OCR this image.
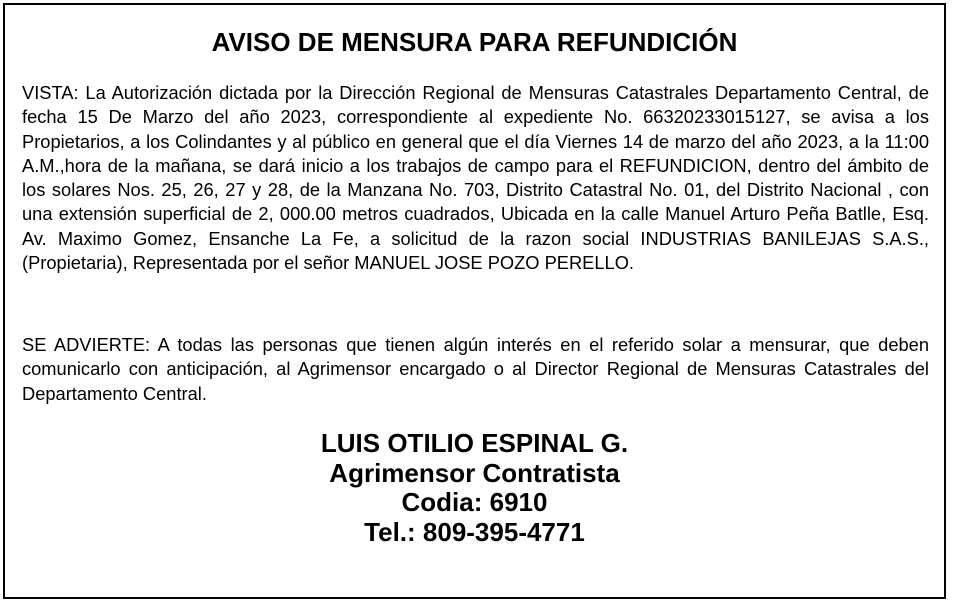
AVISO DE MENSURA PARA REFUNDICIÓN

VISTA: La Autorización dictada por la Dirección Regional de Mensuras Catastrales Departamento Central, de fecha 15 De Marzo del año 2023, correspondiente al expediente No. 66320233015127, se avisa a los Propietarios, a los Colindantes y al público en general que el día Viernes 14 de marzo del año 2023, a la 11:00 A.M.,hora de la mañana, se dará inicio a los trabajos de campo para el REFUNDICION, dentro del ámbito de los solares Nos. 25, 26, 27 y 28, de la Manzana No. 703, Distrito Catastral No. 01, del Distrito Nacional , con una extensión superficial de 2, 000.00 metros cuadrados, Ubicada en la calle Manuel Arturo Peña Batlle, Esq. Av. Maximo Gomez, Ensanche La Fe, a solicitud de la razon social INDUSTRIAS BANILEJAS S.A.S., (Propietaria), Representada por el señor MANUEL JOSE POZO PERELLO.

SE ADVIERTE: A todas las personas que tienen algún interés en el referido solar a mensurar, que deben comunicarlo con anticipación, al Agrimensor encargado o al Director Regional de Mensuras Catastrales del Departamento Central.

LUIS OTILIO ESPINAL G.
Agrimensor Contratista
Codia: 6910
Tel.: 809-395-4771
